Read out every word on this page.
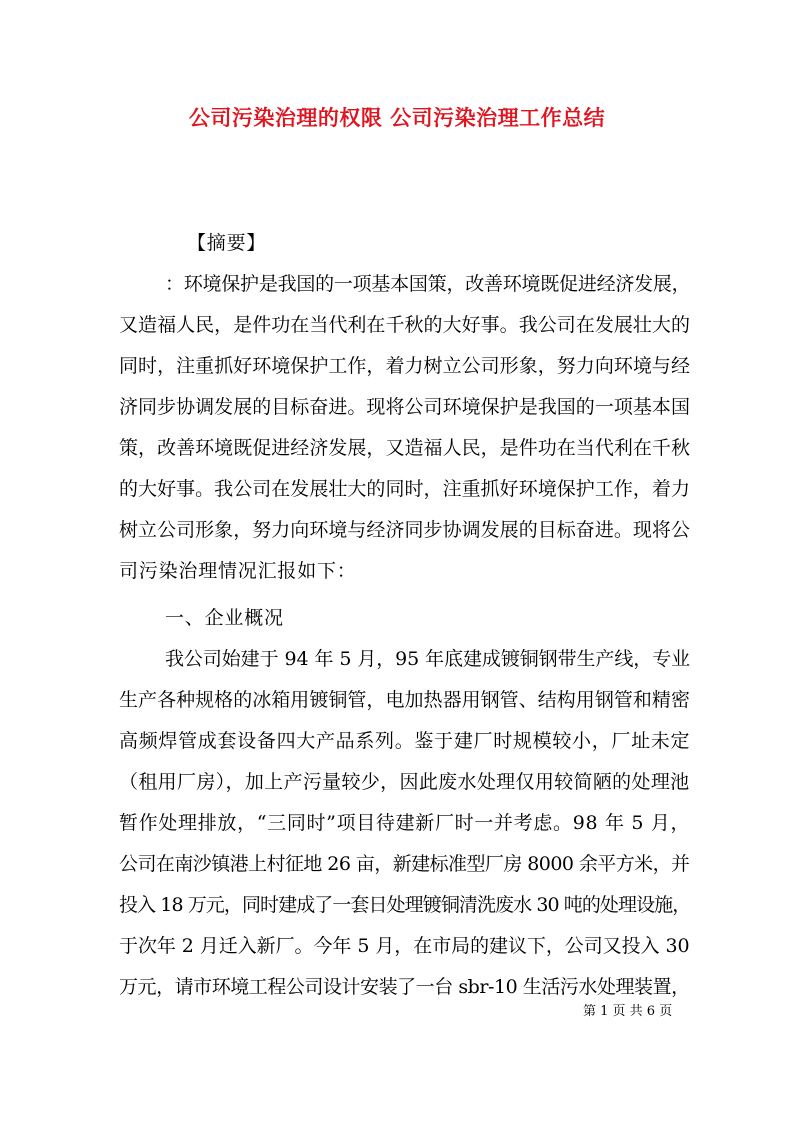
公司污染治理的权限 公司污染治理工作总结
【摘要】
：环境保护是我国的一项基本国策，改善环境既促进经济发展，
又造福人民，是件功在当代利在千秋的大好事。我公司在发展壮大的
同时，注重抓好环境保护工作，着力树立公司形象，努力向环境与经
济同步协调发展的目标奋进。现将公司环境保护是我国的一项基本国
策，改善环境既促进经济发展，又造福人民，是件功在当代利在千秋
的大好事。我公司在发展壮大的同时，注重抓好环境保护工作，着力
树立公司形象，努力向环境与经济同步协调发展的目标奋进。现将公
司污染治理情况汇报如下：
一、企业概况
我公司始建于 94 年 5 月，95 年底建成镀铜钢带生产线，专业
生产各种规格的冰箱用镀铜管，电加热器用钢管、结构用钢管和精密
高频焊管成套设备四大产品系列。鉴于建厂时规模较小，厂址未定
（租用厂房），加上产污量较少，因此废水处理仅用较简陋的处理池
暂作处理排放，“三同时”项目待建新厂时一并考虑。98 年 5 月，
公司在南沙镇港上村征地 26 亩，新建标准型厂房 8000 余平方米，并
投入 18 万元，同时建成了一套日处理镀铜清洗废水 30 吨的处理设施，
于次年 2 月迁入新厂。今年 5 月，在市局的建议下，公司又投入 30
万元，请市环境工程公司设计安装了一台 sbr-10 生活污水处理装置，
第 1 页 共 6 页
